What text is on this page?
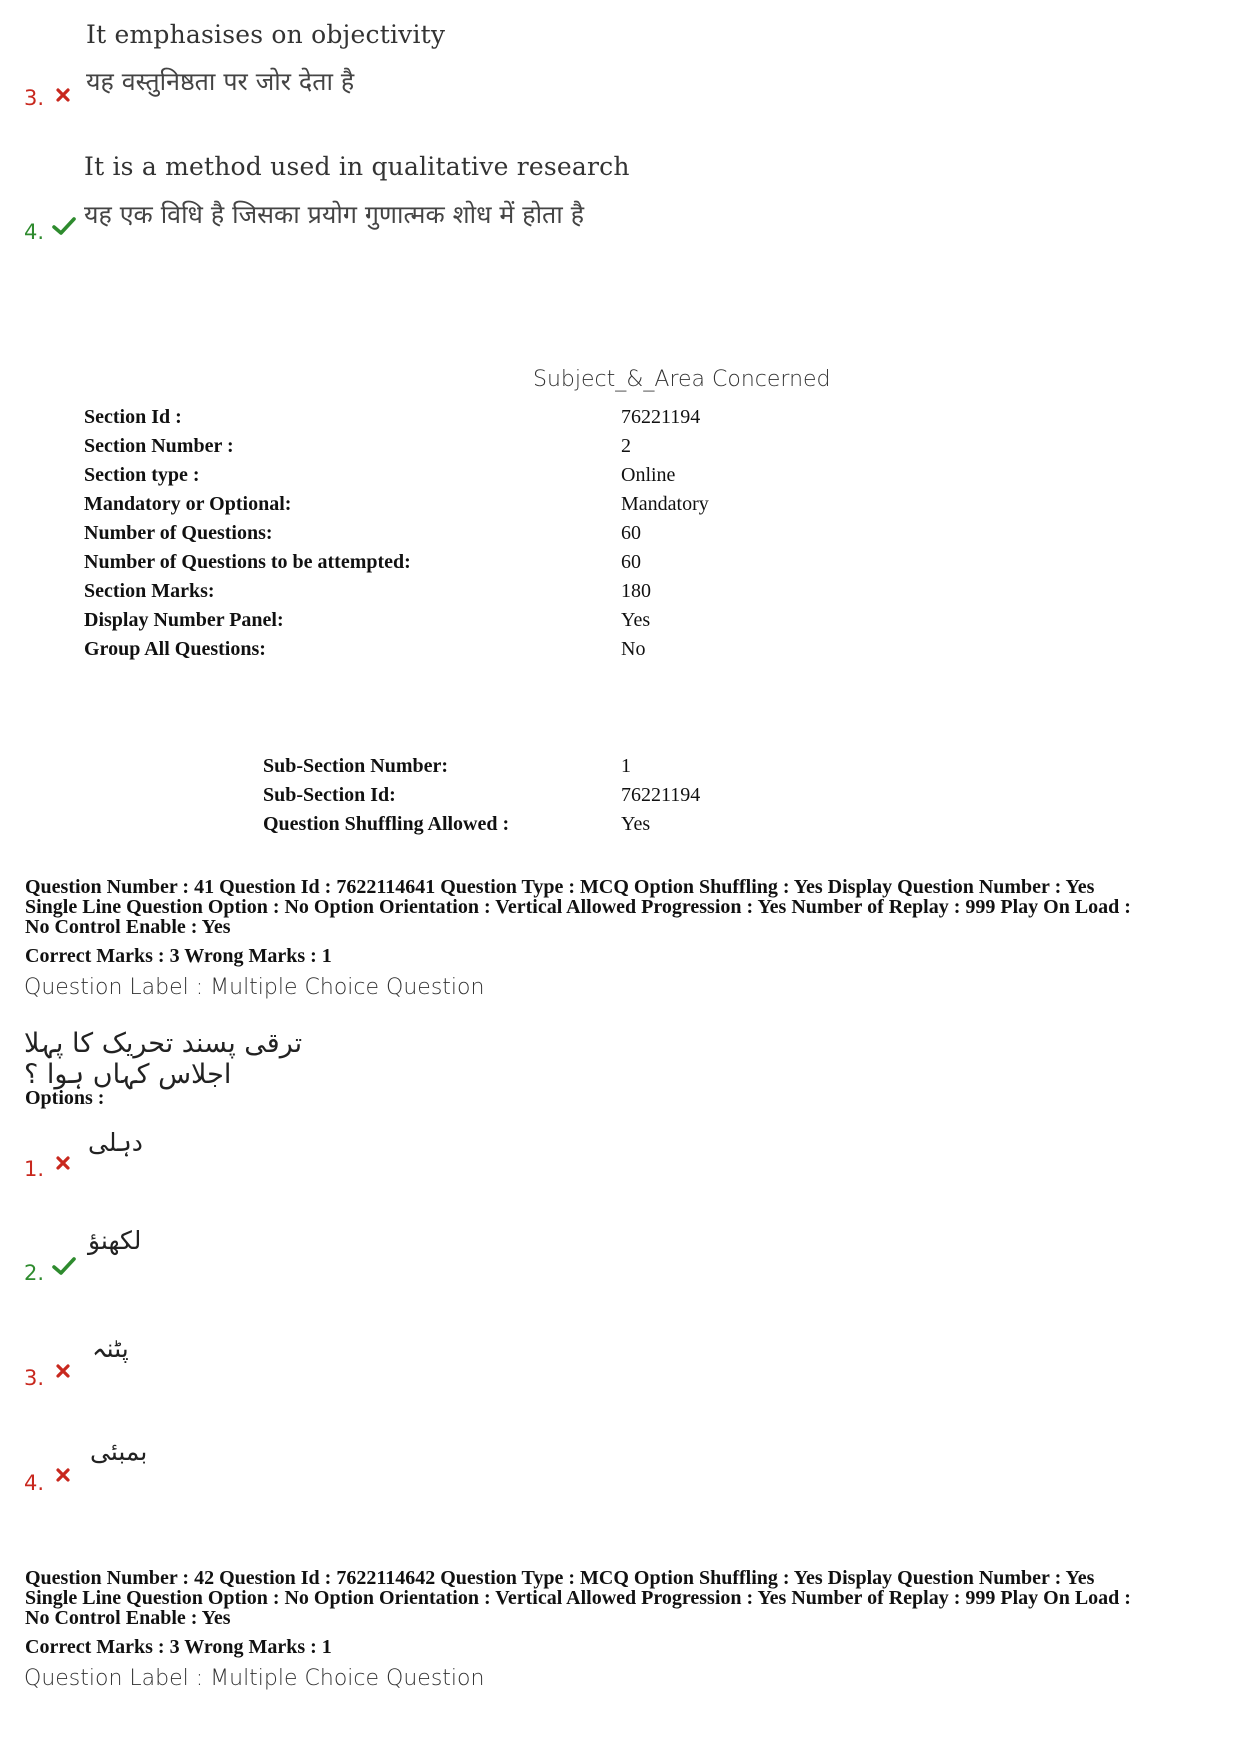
It emphasises on objectivity
यह वस्तुनिष्ठता पर जोर देता है
3.
It is a method used in qualitative research
यह एक विधि है जिसका प्रयोग गुणात्मक शोध में होता है
4.
Subject_&_Area Concerned
Section Id :	76221194
Section Number :	2
Section type :	Online
Mandatory or Optional:	Mandatory
Number of Questions:	60
Number of Questions to be attempted:	60
Section Marks:	180
Display Number Panel:	Yes
Group All Questions:	No
Sub-Section Number:	1
Sub-Section Id:	76221194
Question Shuffling Allowed :	Yes
Question Number : 41 Question Id : 7622114641 Question Type : MCQ Option Shuffling : Yes Display Question Number : Yes
Single Line Question Option : No Option Orientation : Vertical Allowed Progression : Yes Number of Replay : 999 Play On Load :
No Control Enable : Yes
Correct Marks : 3 Wrong Marks : 1
Question Label : Multiple Choice Question
ترقی پسند تحریک کا پہلا اجلاس کہاں ہوا ؟
Options :
دہلی
1.
لکھنؤ
2.
پٹنہ
3.
بمبئی
4.
Question Number : 42 Question Id : 7622114642 Question Type : MCQ Option Shuffling : Yes Display Question Number : Yes
Single Line Question Option : No Option Orientation : Vertical Allowed Progression : Yes Number of Replay : 999 Play On Load :
No Control Enable : Yes
Correct Marks : 3 Wrong Marks : 1
Question Label : Multiple Choice Question
